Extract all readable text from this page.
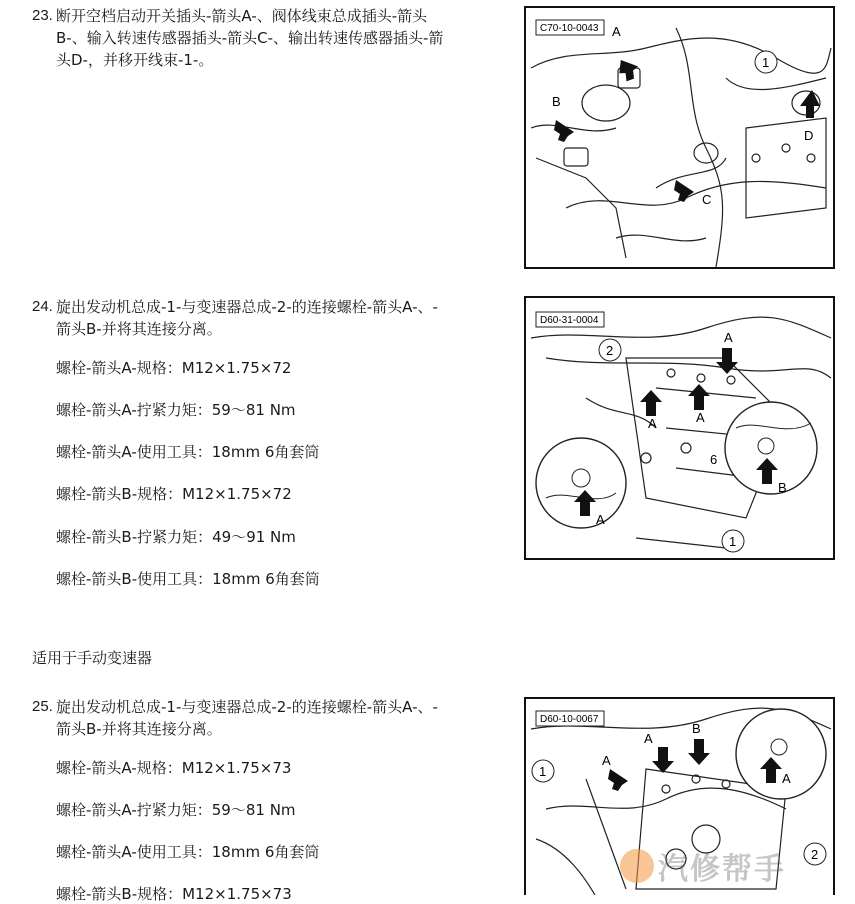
23. 断开空档启动开关插头-箭头A-、阀体线束总成插头-箭头B-、输入转速传感器插头-箭头C-、输出转速传感器插头-箭头D-，并移开线束-1-。
C70-10-0043 A
B
C
D
1
24. 旋出发动机总成-1-与变速器总成-2-的连接螺栓-箭头A-、-箭头B-并将其连接分离。
螺栓-箭头A-规格：M12×1.75×72
螺栓-箭头A-拧紧力矩：59～81 Nm
螺栓-箭头A-使用工具：18mm 6角套筒
螺栓-箭头B-规格：M12×1.75×72
螺栓-箭头B-拧紧力矩：49～91 Nm
螺栓-箭头B-使用工具：18mm 6角套筒
D60-31-0004
A
A	A
A
B
6
2
1
适用于手动变速器
25. 旋出发动机总成-1-与变速器总成-2-的连接螺栓-箭头A-、-箭头B-并将其连接分离。
螺栓-箭头A-规格：M12×1.75×73
螺栓-箭头A-拧紧力矩：59～81 Nm
螺栓-箭头A-使用工具：18mm 6角套筒
螺栓-箭头B-规格：M12×1.75×73
D60-10-0067
A
A
B
A
1
2
汽修帮手
